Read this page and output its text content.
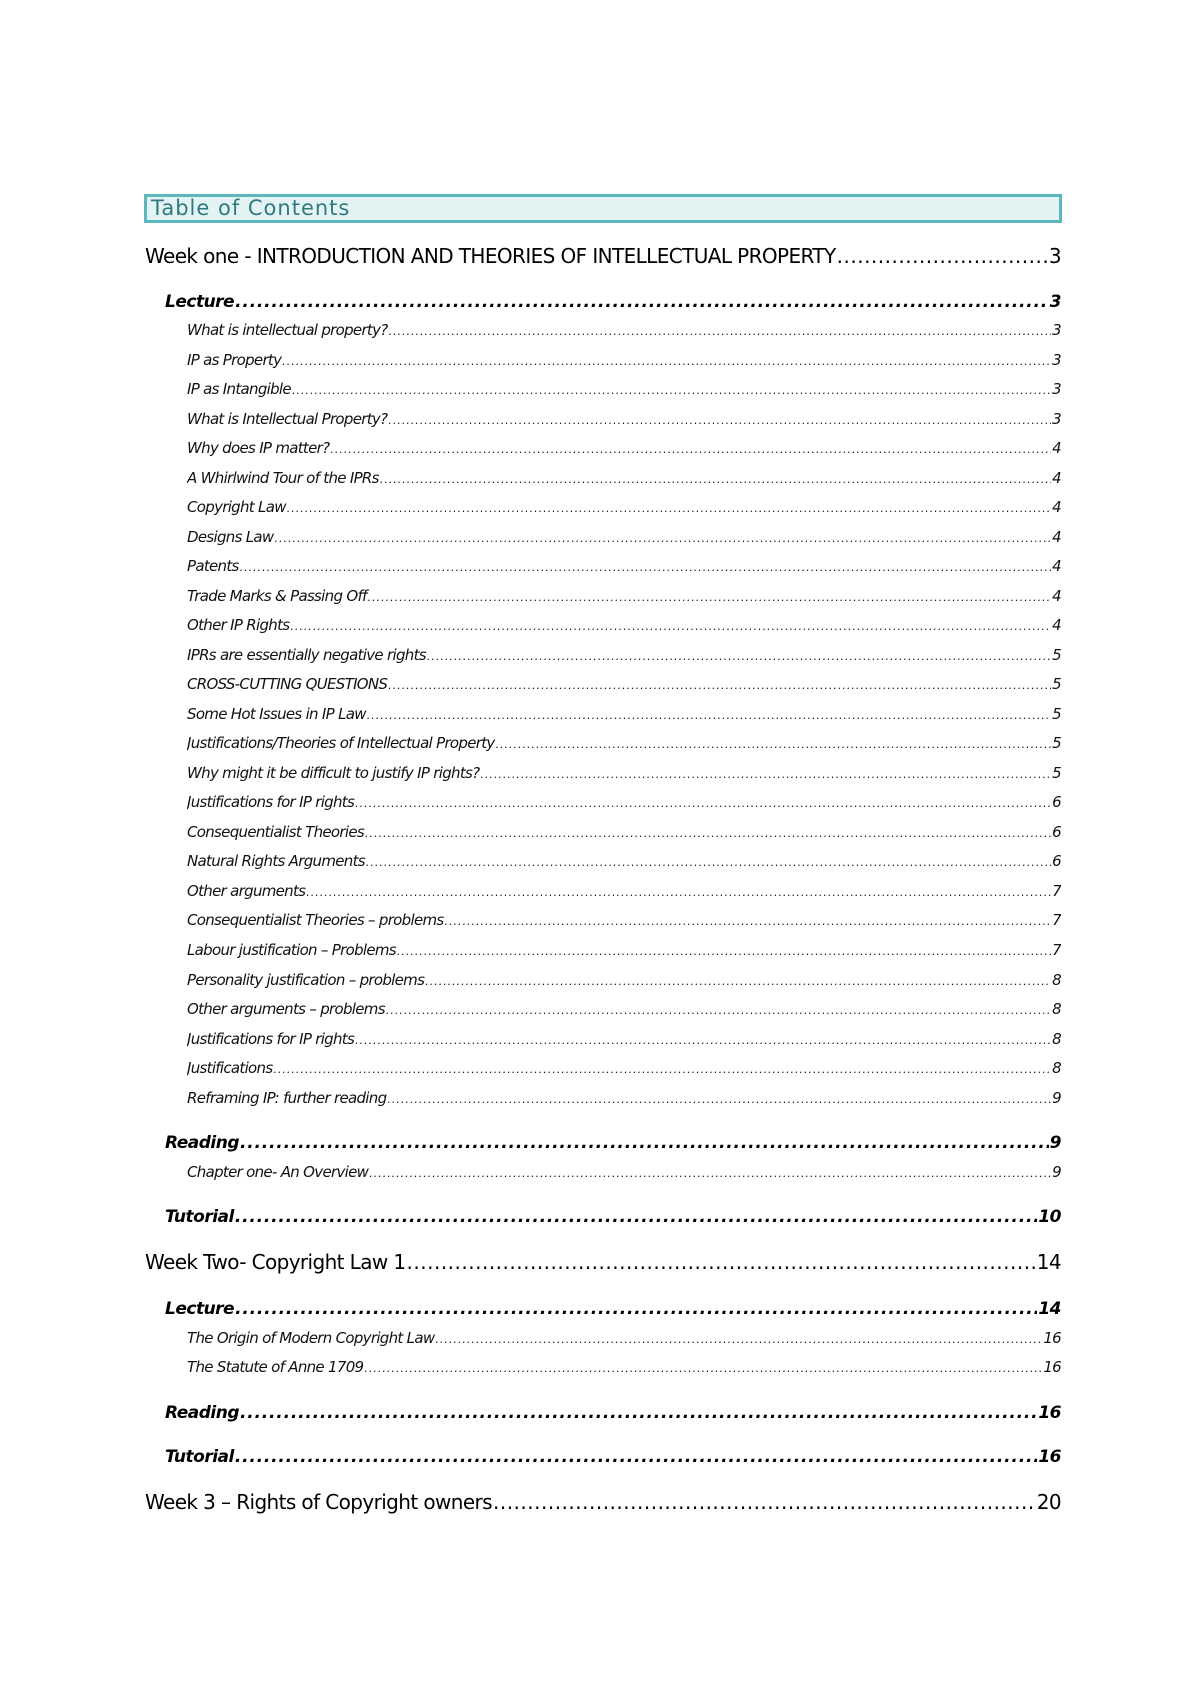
Table of Contents
Week one - INTRODUCTION AND THEORIES OF INTELLECTUAL PROPERTY .....	3
Lecture .....	3
What is intellectual property? .....	3
IP as Property .....	3
IP as Intangible .....	3
What is Intellectual Property? .....	3
Why does IP matter? .....	4
A Whirlwind Tour of the IPRs .....	4
Copyright Law .....	4
Designs Law .....	4
Patents .....	4
Trade Marks & Passing Off .....	4
Other IP Rights .....	4
IPRs are essentially negative rights .....	5
CROSS-CUTTING QUESTIONS .....	5
Some Hot Issues in IP Law .....	5
Justifications/Theories of Intellectual Property .....	5
Why might it be difficult to justify IP rights? .....	5
Justifications for IP rights .....	6
Consequentialist Theories .....	6
Natural Rights Arguments .....	6
Other arguments .....	7
Consequentialist Theories – problems .....	7
Labour justification – Problems .....	7
Personality justification – problems .....	8
Other arguments – problems .....	8
Justifications for IP rights .....	8
Justifications .....	8
Reframing IP: further reading .....	9
Reading .....	9
Chapter one- An Overview .....	9
Tutorial .....	10
Week Two- Copyright Law 1 .....	14
Lecture .....	14
The Origin of Modern Copyright Law .....	16
The Statute of Anne 1709 .....	16
Reading .....	16
Tutorial .....	16
Week 3 – Rights of Copyright owners .....	20
